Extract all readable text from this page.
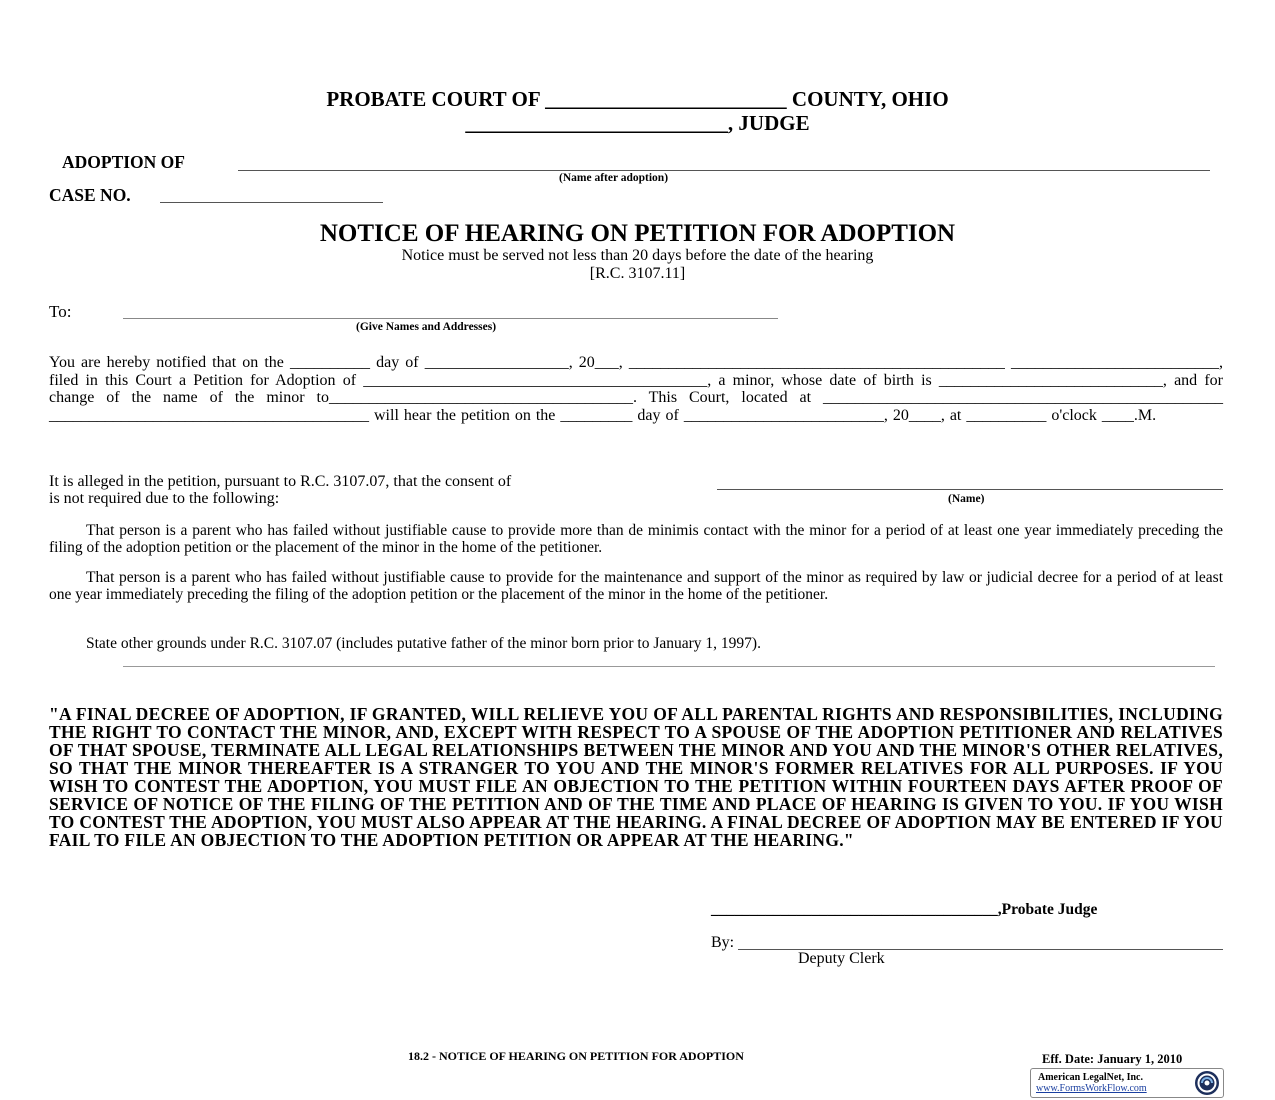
PROBATE COURT OF _______________________ COUNTY, OHIO
_________________________, JUDGE
ADOPTION OF
(Name after adoption)
CASE NO.
NOTICE OF HEARING ON PETITION FOR ADOPTION
Notice must be served not less than 20 days before the date of the hearing
[R.C. 3107.11]
To:
(Give Names and Addresses)
You are hereby notified that on the __________ day of __________________, 20___, _______________________________________________ __________________________, filed in this Court a Petition for Adoption of ___________________________________________, a minor, whose date of birth is ____________________________, and for change of the name of the minor to______________________________________. This Court, located at __________________________________________________ ________________________________________ will hear the petition on the _________ day of _________________________, 20____, at __________ o'clock ____.M.
It is alleged in the petition, pursuant to R.C. 3107.07, that the consent of
is not required due to the following:	(Name)
That person is a parent who has failed without justifiable cause to provide more than de minimis contact with the minor for a period of at least one year immediately preceding the filing of the adoption petition or the placement of the minor in the home of the petitioner.
That person is a parent who has failed without justifiable cause to provide for the maintenance and support of the minor as required by law or judicial decree for a period of at least one year immediately preceding the filing of the adoption petition or the placement of the minor in the home of the petitioner.
State other grounds under R.C. 3107.07 (includes putative father of the minor born prior to January 1, 1997).
"A FINAL DECREE OF ADOPTION, IF GRANTED, WILL RELIEVE YOU OF ALL PARENTAL RIGHTS AND RESPONSIBILITIES, INCLUDING THE RIGHT TO CONTACT THE MINOR, AND, EXCEPT WITH RESPECT TO A SPOUSE OF THE ADOPTION PETITIONER AND RELATIVES OF THAT SPOUSE, TERMINATE ALL LEGAL RELATIONSHIPS BETWEEN THE MINOR AND YOU AND THE MINOR'S OTHER RELATIVES, SO THAT THE MINOR THEREAFTER IS A STRANGER TO YOU AND THE MINOR'S FORMER RELATIVES FOR ALL PURPOSES. IF YOU WISH TO CONTEST THE ADOPTION, YOU MUST FILE AN OBJECTION TO THE PETITION WITHIN FOURTEEN DAYS AFTER PROOF OF SERVICE OF NOTICE OF THE FILING OF THE PETITION AND OF THE TIME AND PLACE OF HEARING IS GIVEN TO YOU. IF YOU WISH TO CONTEST THE ADOPTION, YOU MUST ALSO APPEAR AT THE HEARING. A FINAL DECREE OF ADOPTION MAY BE ENTERED IF YOU FAIL TO FILE AN OBJECTION TO THE ADOPTION PETITION OR APPEAR AT THE HEARING."
_____________________________________,Probate Judge
By:
Deputy Clerk
18.2 - NOTICE OF HEARING ON PETITION FOR ADOPTION	Eff. Date: January 1, 2010
American LegalNet, Inc.
www.FormsWorkFlow.com
